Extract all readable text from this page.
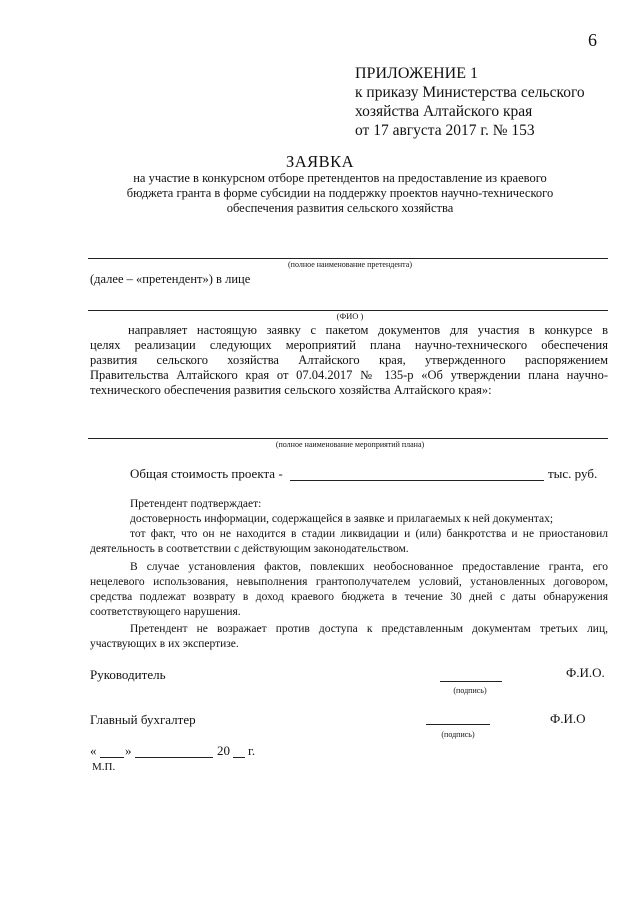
6
ПРИЛОЖЕНИЕ 1
к приказу Министерства сельского
хозяйства Алтайского края
от 17 августа 2017 г. № 153
ЗАЯВКА
на участие в конкурсном отборе претендентов на предоставление из краевого
бюджета гранта в форме субсидии на поддержку проектов научно-технического
обеспечения развития сельского хозяйства
(полное наименование претендента)
(далее – «претендент») в лице
(ФИО )
направляет настоящую заявку с пакетом документов для участия в конкурсе в
целях реализации следующих мероприятий плана научно-технического обеспечения
развития сельского хозяйства Алтайского края, утвержденного распоряжением
Правительства Алтайского края от 07.04.2017 № 135-р «Об утверждении плана научно-
технического обеспечения развития сельского хозяйства Алтайского края»:
(полное наименование мероприятий плана)
Общая стоимость проекта -	тыс. руб.
Претендент подтверждает:
достоверность информации, содержащейся в заявке и прилагаемых к ней документах;
тот факт, что он не находится в стадии ликвидации и (или) банкротства и не приостановил
деятельность в соответствии с действующим законодательством.
В случае установления фактов, повлекших необоснованное предоставление гранта, его
нецелевого использования, невыполнения грантополучателем условий, установленных договором,
средства подлежат возврату в доход краевого бюджета в течение 30 дней с даты обнаружения
соответствующего нарушения.
Претендент не возражает против доступа к представленным документам третьих лиц,
участвующих в их экспертизе.
Руководитель
(подпись)
Ф.И.О.
Главный бухгалтер
(подпись)
Ф.И.О
« »	20 г.
М.П.
